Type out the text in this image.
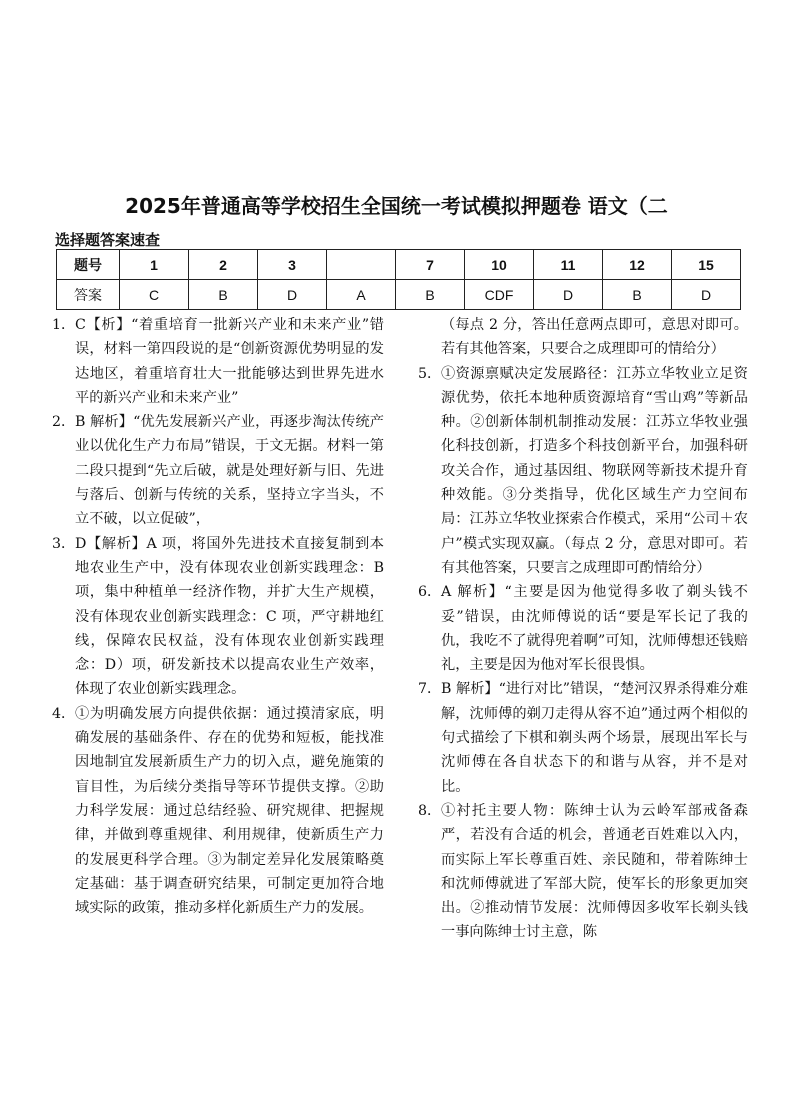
2025年普通高等学校招生全国统一考试模拟押题卷 语文（二
选择题答案速查
题号	1	2	3		7	10	11	12	15
答案	C	B	D	A	B	CDF	D	B	D
1． C【析】“着重培育一批新兴产业和未来产业”错误，材料一第四段说的是“创新资源优势明显的发达地区，着重培育壮大一批能够达到世界先进水平的新兴产业和未来产业”
2． B 解析】“优先发展新兴产业，再逐步淘汰传统产业以优化生产力布局”错误，于文无据。材料一第二段只提到“先立后破，就是处理好新与旧、先进与落后、创新与传统的关系，坚持立字当头，不立不破，以立促破”，
3． D【解析】A 项，将国外先进技术直接复制到本地农业生产中，没有体现农业创新实践理念：B 项，集中种植单一经济作物，并扩大生产规模，没有体现农业创新实践理念：C 项，严守耕地红线，保障农民权益，没有体现农业创新实践理念：D）项，研发新技术以提高农业生产效率，体现了农业创新实践理念。
4． ①为明确发展方向提供依据：通过摸清家底，明确发展的基础条件、存在的优势和短板，能找准因地制宜发展新质生产力的切入点，避免施策的盲目性，为后续分类指导等环节提供支撑。②助力科学发展：通过总结经验、研究规律、把握规律，并做到尊重规律、利用规律，使新质生产力的发展更科学合理。③为制定差异化发展策略奠定基础：基于调查研究结果，可制定更加符合地域实际的政策，推动多样化新质生产力的发展。
（每点 2 分，答出任意两点即可，意思对即可。若有其他答案，只要合之成理即可的情给分）
5． ①资源禀赋决定发展路径：江苏立华牧业立足资源优势，依托本地种质资源培育“雪山鸡”等新品种。②创新体制机制推动发展：江苏立华牧业强化科技创新，打造多个科技创新平台，加强科研攻关合作，通过基因组、物联网等新技术提升育种效能。③分类指导，优化区域生产力空间布局：江苏立华牧业探索合作模式，采用“公司＋农户”模式实现双赢。（每点 2 分，意思对即可。若有其他答案，只要言之成理即可酌情给分）
6． A 解析】“主要是因为他觉得多收了剃头钱不妥”错误，由沈师傅说的话“要是军长记了我的仇，我吃不了就得兜着啊”可知，沈师傅想还钱赔礼，主要是因为他对军长很畏惧。
7． B 解析】“进行对比”错误，“楚河汉界杀得难分难解，沈师傅的剃刀走得从容不迫”通过两个相似的句式描绘了下棋和剃头两个场景，展现出军长与沈师傅在各自状态下的和谐与从容，并不是对比。
8． ①衬托主要人物：陈绅士认为云岭军部戒备森严，若没有合适的机会，普通老百姓难以入内，而实际上军长尊重百姓、亲民随和，带着陈绅士和沈师傅就进了军部大院，使军长的形象更加突出。②推动情节发展：沈师傅因多收军长剃头钱一事向陈绅士讨主意，陈
